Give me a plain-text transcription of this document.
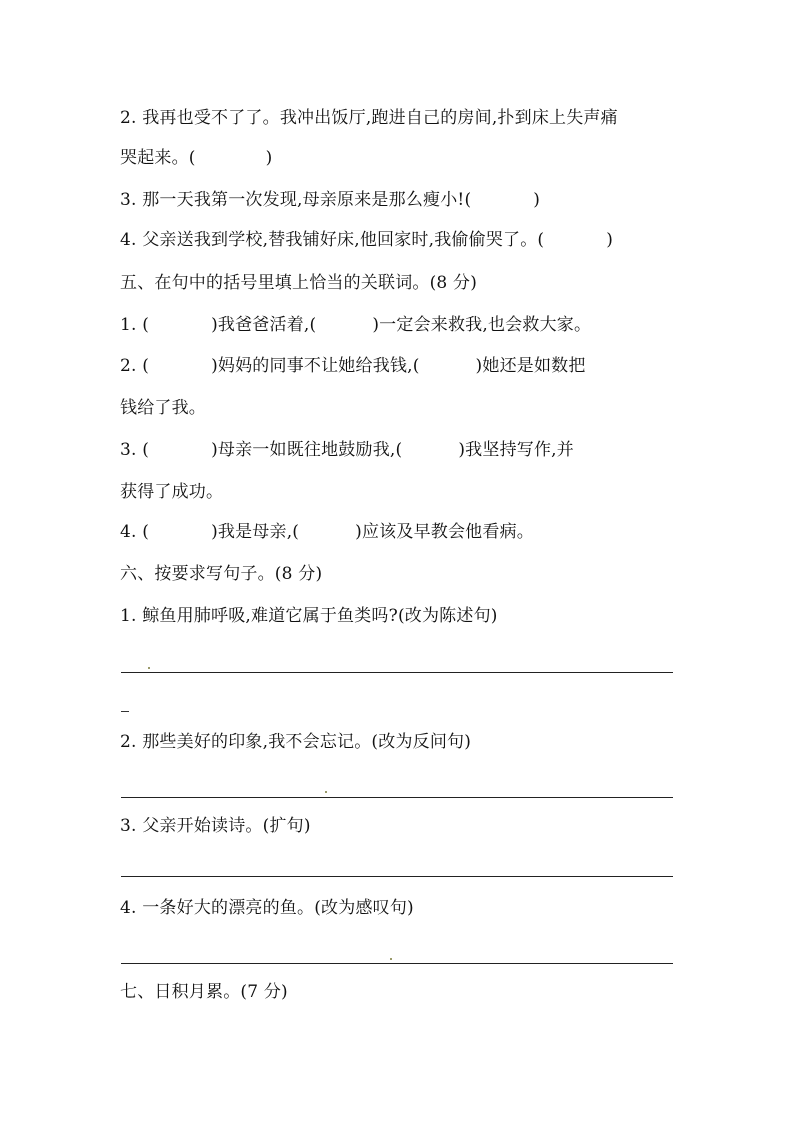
2. 我再也受不了了。我冲出饭厅,跑进自己的房间,扑到床上失声痛
哭起来。(	)
3. 那一天我第一次发现,母亲原来是那么瘦小!(	)
4. 父亲送我到学校,替我铺好床,他回家时,我偷偷哭了。(	)
五、在句中的括号里填上恰当的关联词。(8 分)
1. (	)我爸爸活着,(	)一定会来救我,也会救大家。
2. (	)妈妈的同事不让她给我钱,(	)她还是如数把
钱给了我。
3. (	)母亲一如既往地鼓励我,(	)我坚持写作,并
获得了成功。
4. (	)我是母亲,(	)应该及早教会他看病。
六、按要求写句子。(8 分)
1. 鲸鱼用肺呼吸,难道它属于鱼类吗?(改为陈述句)
2. 那些美好的印象,我不会忘记。(改为反问句)
3. 父亲开始读诗。(扩句)
4. 一条好大的漂亮的鱼。(改为感叹句)
七、日积月累。(7 分)
